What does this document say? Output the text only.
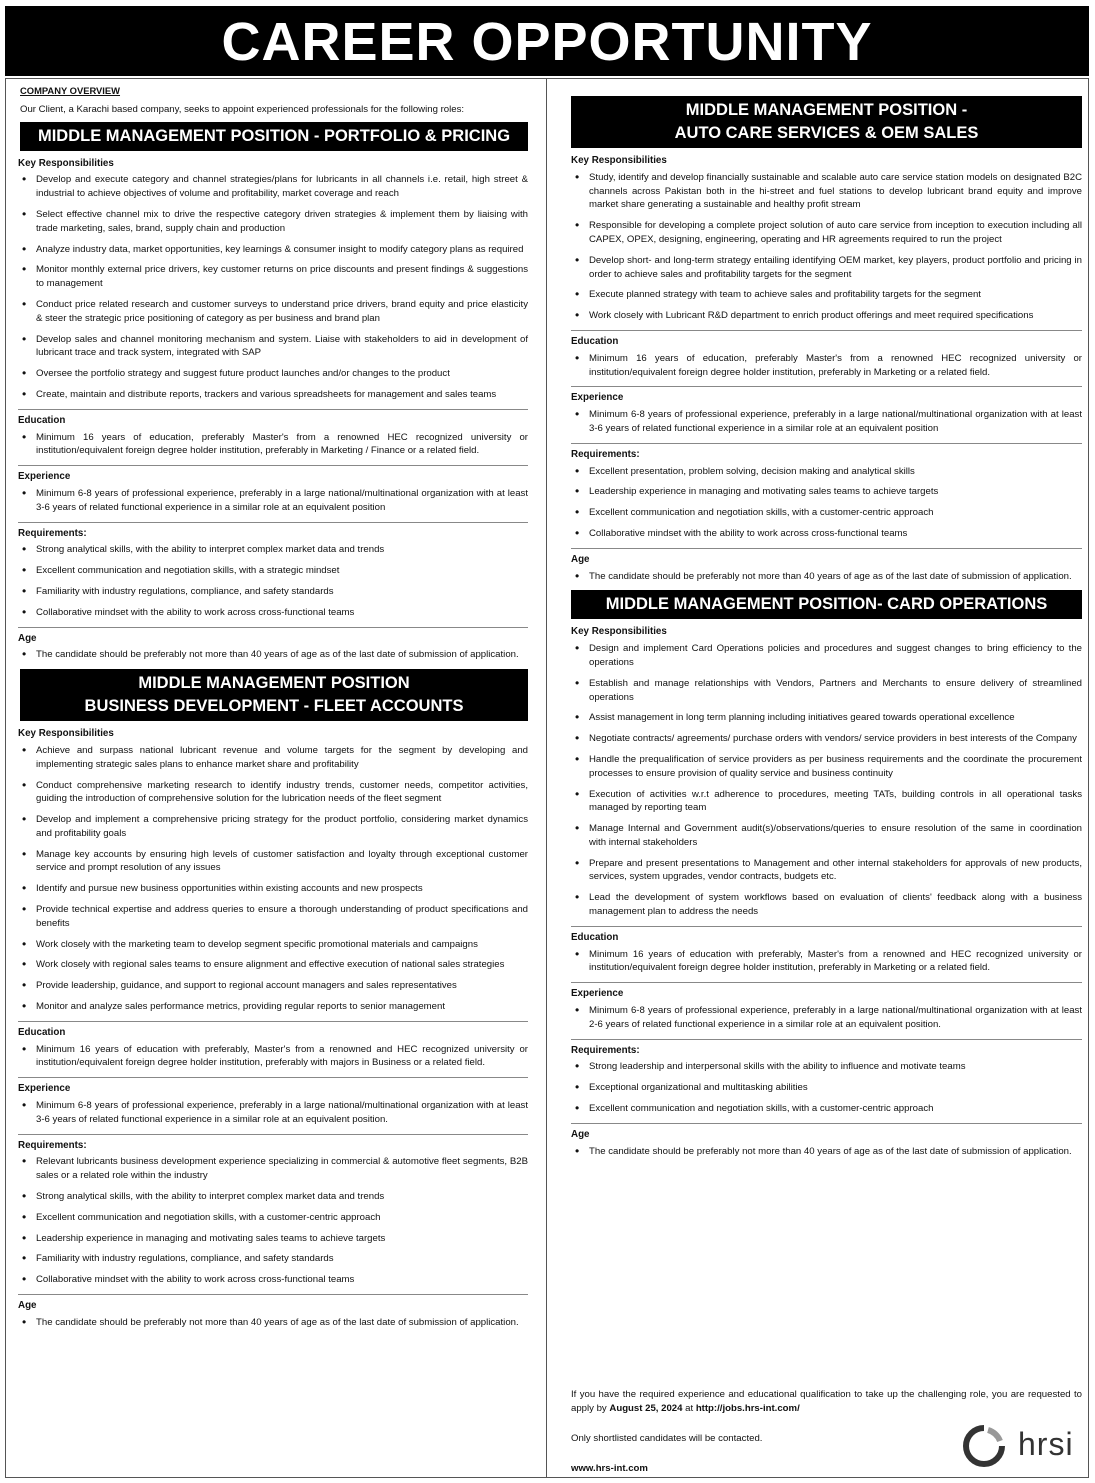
CAREER OPPORTUNITY
COMPANY OVERVIEW
Our Client, a Karachi based company, seeks to appoint experienced professionals for the following roles:
MIDDLE MANAGEMENT POSITION - PORTFOLIO & PRICING
Key Responsibilities
• Develop and execute category and channel strategies/plans for lubricants in all channels i.e. retail, high street & industrial to achieve objectives of volume and profitability, market coverage and reach
• Select effective channel mix to drive the respective category driven strategies & implement them by liaising with trade marketing, sales, brand, supply chain and production
• Analyze industry data, market opportunities, key learnings & consumer insight to modify category plans as required
• Monitor monthly external price drivers, key customer returns on price discounts and present findings & suggestions to management
• Conduct price related research and customer surveys to understand price drivers, brand equity and price elasticity & steer the strategic price positioning of category as per business and brand plan
• Develop sales and channel monitoring mechanism and system. Liaise with stakeholders to aid in development of lubricant trace and track system, integrated with SAP
• Oversee the portfolio strategy and suggest future product launches and/or changes to the product
• Create, maintain and distribute reports, trackers and various spreadsheets for management and sales teams
Education
• Minimum 16 years of education, preferably Master's from a renowned HEC recognized university or institution/equivalent foreign degree holder institution, preferably in Marketing / Finance or a related field.
Experience
• Minimum 6-8 years of professional experience, preferably in a large national/multinational organization with at least 3-6 years of related functional experience in a similar role at an equivalent position
Requirements:
• Strong analytical skills, with the ability to interpret complex market data and trends
• Excellent communication and negotiation skills, with a strategic mindset
• Familiarity with industry regulations, compliance, and safety standards
• Collaborative mindset with the ability to work across cross-functional teams
Age
• The candidate should be preferably not more than 40 years of age as of the last date of submission of application.
MIDDLE MANAGEMENT POSITION
BUSINESS DEVELOPMENT - FLEET ACCOUNTS
Key Responsibilities
• Achieve and surpass national lubricant revenue and volume targets for the segment by developing and implementing strategic sales plans to enhance market share and profitability
• Conduct comprehensive marketing research to identify industry trends, customer needs, competitor activities, guiding the introduction of comprehensive solution for the lubrication needs of the fleet segment
• Develop and implement a comprehensive pricing strategy for the product portfolio, considering market dynamics and profitability goals
• Manage key accounts by ensuring high levels of customer satisfaction and loyalty through exceptional customer service and prompt resolution of any issues
• Identify and pursue new business opportunities within existing accounts and new prospects
• Provide technical expertise and address queries to ensure a thorough understanding of product specifications and benefits
• Work closely with the marketing team to develop segment specific promotional materials and campaigns
• Work closely with regional sales teams to ensure alignment and effective execution of national sales strategies
• Provide leadership, guidance, and support to regional account managers and sales representatives
• Monitor and analyze sales performance metrics, providing regular reports to senior management
Education
• Minimum 16 years of education with preferably, Master's from a renowned and HEC recognized university or institution/equivalent foreign degree holder institution, preferably with majors in Business or a related field.
Experience
• Minimum 6-8 years of professional experience, preferably in a large national/multinational organization with at least 3-6 years of related functional experience in a similar role at an equivalent position.
Requirements:
• Relevant lubricants business development experience specializing in commercial & automotive fleet segments, B2B sales or a related role within the industry
• Strong analytical skills, with the ability to interpret complex market data and trends
• Excellent communication and negotiation skills, with a customer-centric approach
• Leadership experience in managing and motivating sales teams to achieve targets
• Familiarity with industry regulations, compliance, and safety standards
• Collaborative mindset with the ability to work across cross-functional teams
Age
• The candidate should be preferably not more than 40 years of age as of the last date of submission of application.
MIDDLE MANAGEMENT POSITION -
AUTO CARE SERVICES & OEM SALES
Key Responsibilities
• Study, identify and develop financially sustainable and scalable auto care service station models on designated B2C channels across Pakistan both in the hi-street and fuel stations to develop lubricant brand equity and improve market share generating a sustainable and healthy profit stream
• Responsible for developing a complete project solution of auto care service from inception to execution including all CAPEX, OPEX, designing, engineering, operating and HR agreements required to run the project
• Develop short- and long-term strategy entailing identifying OEM market, key players, product portfolio and pricing in order to achieve sales and profitability targets for the segment
• Execute planned strategy with team to achieve sales and profitability targets for the segment
• Work closely with Lubricant R&D department to enrich product offerings and meet required specifications
Education
• Minimum 16 years of education, preferably Master's from a renowned HEC recognized university or institution/equivalent foreign degree holder institution, preferably in Marketing or a related field.
Experience
• Minimum 6-8 years of professional experience, preferably in a large national/multinational organization with at least 3-6 years of related functional experience in a similar role at an equivalent position
Requirements:
• Excellent presentation, problem solving, decision making and analytical skills
• Leadership experience in managing and motivating sales teams to achieve targets
• Excellent communication and negotiation skills, with a customer-centric approach
• Collaborative mindset with the ability to work across cross-functional teams
Age
• The candidate should be preferably not more than 40 years of age as of the last date of submission of application.
MIDDLE MANAGEMENT POSITION- CARD OPERATIONS
Key Responsibilities
• Design and implement Card Operations policies and procedures and suggest changes to bring efficiency to the operations
• Establish and manage relationships with Vendors, Partners and Merchants to ensure delivery of streamlined operations
• Assist management in long term planning including initiatives geared towards operational excellence
• Negotiate contracts/ agreements/ purchase orders with vendors/ service providers in best interests of the Company
• Handle the prequalification of service providers as per business requirements and the coordinate the procurement processes to ensure provision of quality service and business continuity
• Execution of activities w.r.t adherence to procedures, meeting TATs, building controls in all operational tasks managed by reporting team
• Manage Internal and Government audit(s)/observations/queries to ensure resolution of the same in coordination with internal stakeholders
• Prepare and present presentations to Management and other internal stakeholders for approvals of new products, services, system upgrades, vendor contracts, budgets etc.
• Lead the development of system workflows based on evaluation of clients' feedback along with a business management plan to address the needs
Education
• Minimum 16 years of education with preferably, Master's from a renowned and HEC recognized university or institution/equivalent foreign degree holder institution, preferably in Marketing or a related field.
Experience
• Minimum 6-8 years of professional experience, preferably in a large national/multinational organization with at least 2-6 years of related functional experience in a similar role at an equivalent position.
Requirements:
• Strong leadership and interpersonal skills with the ability to influence and motivate teams
• Exceptional organizational and multitasking abilities
• Excellent communication and negotiation skills, with a customer-centric approach
Age
• The candidate should be preferably not more than 40 years of age as of the last date of submission of application.

If you have the required experience and educational qualification to take up the challenging role, you are requested to apply by August 25, 2024 at http://jobs.hrs-int.com/

Only shortlisted candidates will be contacted.

www.hrs-int.com
hrsi
